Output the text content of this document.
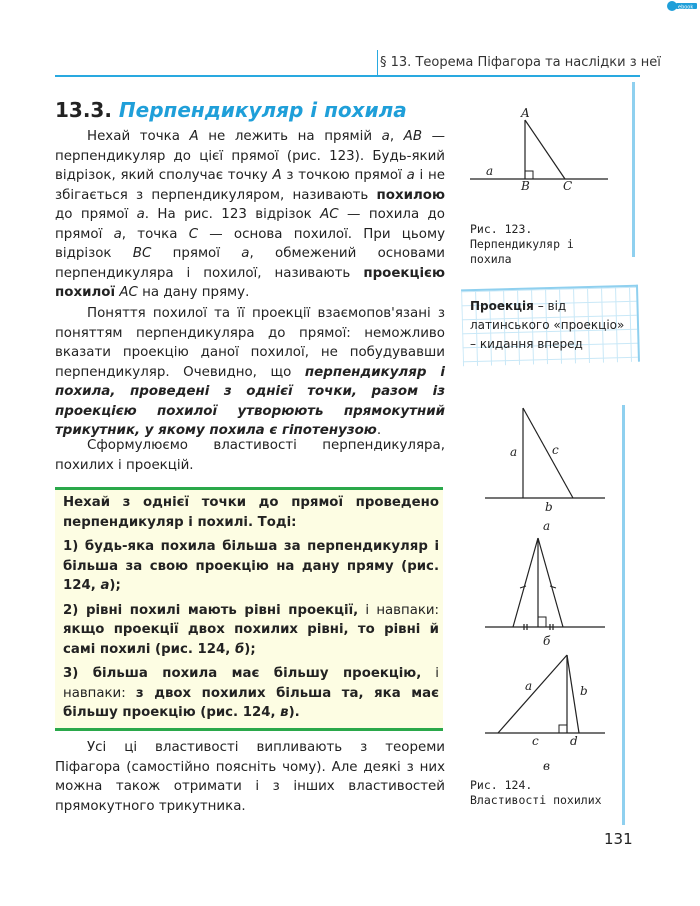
ebook
§ 13. Теорема Піфагора та наслідки з неї
13.3. Перпендикуляр і похила

Нехай точка A не лежить на прямій a, AB — перпендикуляр до цієї прямої (рис. 123). Будь-який відрізок, який сполучає точку A з точкою прямої a і не збігається з перпендикуляром, називають похилою до прямої a. На рис. 123 відрізок AC — похила до прямої a, точка C — основа похилої. При цьому відрізок BC прямої a, обмежений основами перпендикуляра і похилої, називають проекцією похилої AC на дану пряму.

Поняття похилої та її проекції взаємопов'язані з поняттям перпендикуляра до прямої: неможливо вказати проекцію даної похилої, не побудувавши перпендикуляр. Очевидно, що перпендикуляр і похила, проведені з однієї точки, разом із проекцією похилої утворюють прямокутний трикутник, у якому похила є гіпотенузою.

Сформулюємо властивості перпендикуляра, похилих і проекцій.

Нехай з однієї точки до прямої проведено перпендикуляр і похилі. Тоді:

1) будь-яка похила більша за перпендикуляр і більша за свою проекцію на дану пряму (рис. 124, а);

2) рівні похилі мають рівні проекції, і навпаки: якщо проекції двох похилих рівні, то рівні й самі похилі (рис. 124, б);

3) більша похила має більшу проекцію, і навпаки: з двох похилих більша та, яка має більшу проекцію (рис. 124, в).

Усі ці властивості випливають з теореми Піфагора (самостійно поясніть чому). Але деякі з них можна також отримати і з інших властивостей прямокутного трикутника.

A
a
B	C
Рис. 123. Перпендикуляр і похила
Проекція – від латинського «проекціо» – кидання вперед
a	c
b
а
б
a	b
c	d
в
Рис. 124. Властивості похилих
131
